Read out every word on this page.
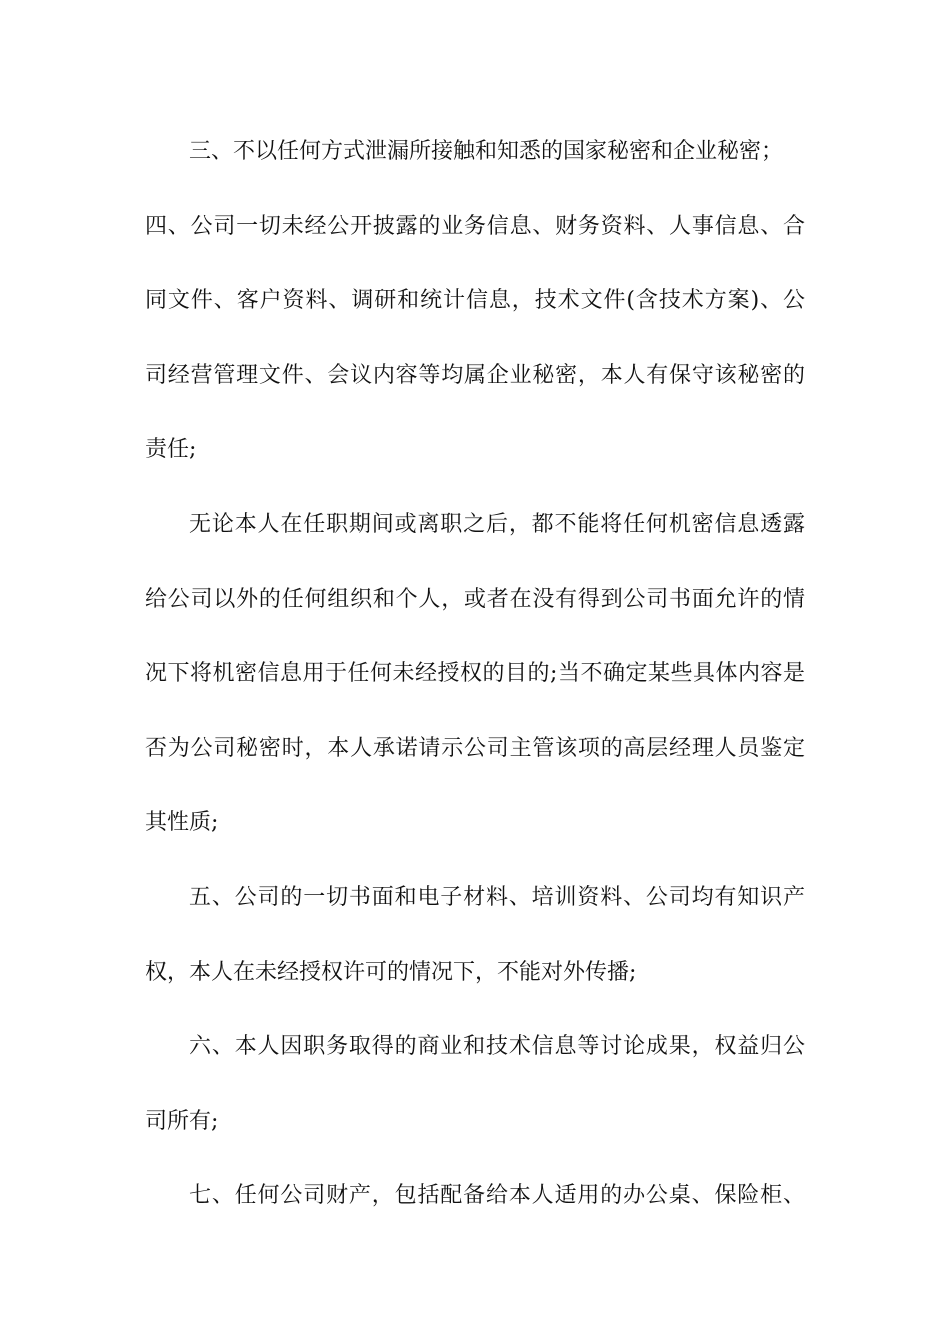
三、不以任何方式泄漏所接触和知悉的国家秘密和企业秘密；

四、公司一切未经公开披露的业务信息、财务资料、人事信息、合
同文件、客户资料、调研和统计信息，技术文件(含技术方案)、公
司经营管理文件、会议内容等均属企业秘密，本人有保守该秘密的
责任;

无论本人在任职期间或离职之后，都不能将任何机密信息透露
给公司以外的任何组织和个人，或者在没有得到公司书面允许的情
况下将机密信息用于任何未经授权的目的;当不确定某些具体内容是
否为公司秘密时，本人承诺请示公司主管该项的高层经理人员鉴定
其性质;

五、公司的一切书面和电子材料、培训资料、公司均有知识产
权，本人在未经授权许可的情况下，不能对外传播;

六、本人因职务取得的商业和技术信息等讨论成果，权益归公
司所有;

七、任何公司财产，包括配备给本人适用的办公桌、保险柜、
